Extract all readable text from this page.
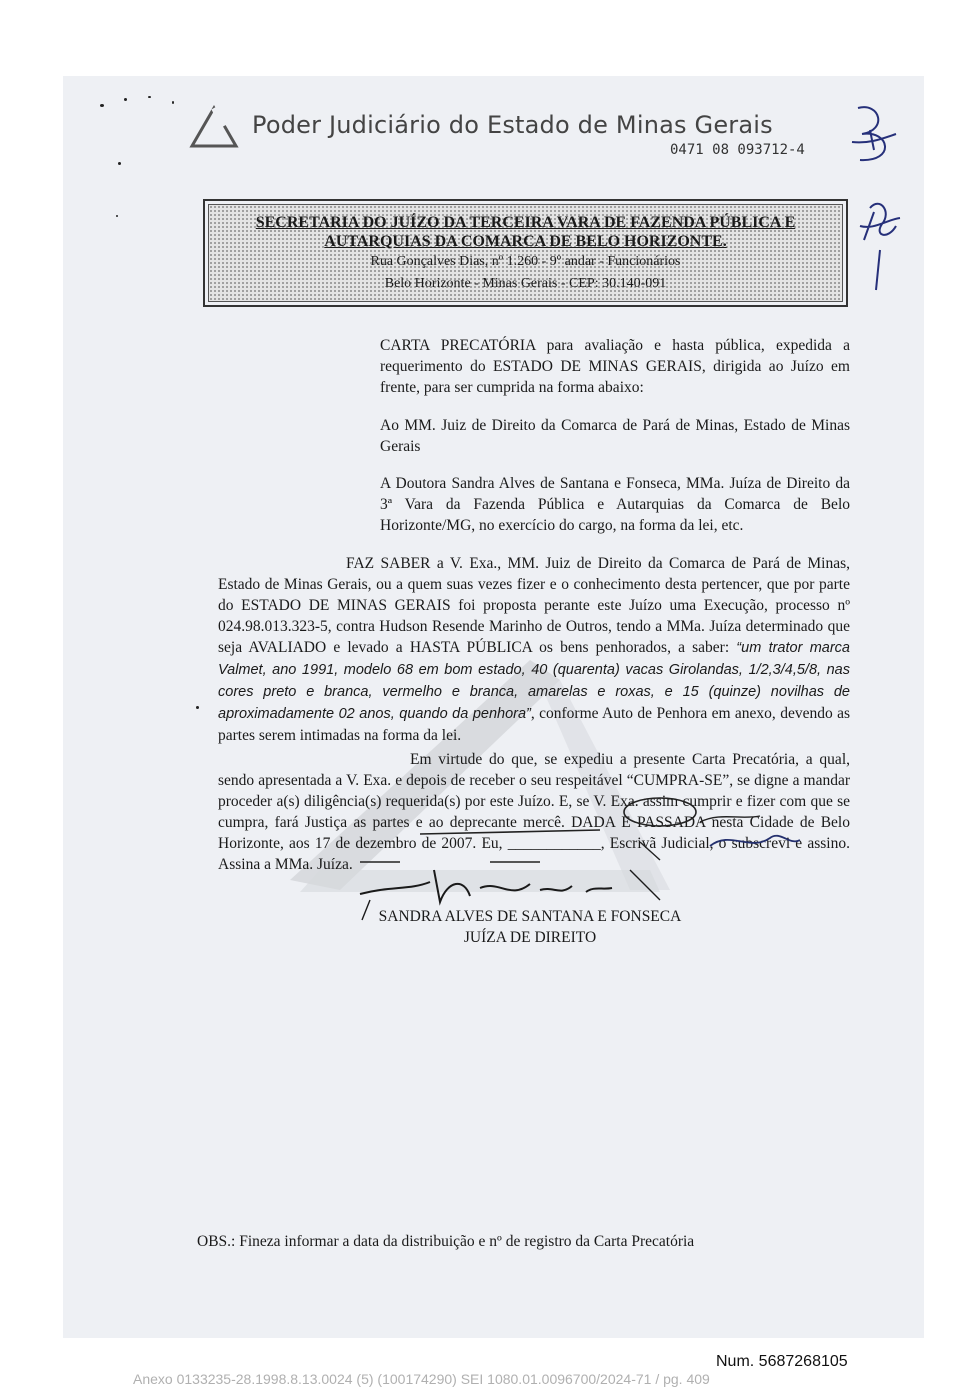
Poder Judiciário do Estado de Minas Gerais
0471 08 093712-4
SECRETARIA DO JUÍZO DA TERCEIRA VARA DE FAZENDA PÚBLICA E
AUTARQUIAS DA COMARCA DE BELO HORIZONTE.
Rua Gonçalves Dias, nº 1.260 - 9º andar - Funcionários
Belo Horizonte - Minas Gerais - CEP: 30.140-091

CARTA PRECATÓRIA para avaliação e hasta pública, expedida a requerimento do ESTADO DE MINAS GERAIS, dirigida ao Juízo em frente, para ser cumprida na forma abaixo:

Ao MM. Juiz de Direito da Comarca de Pará de Minas, Estado de Minas Gerais

A Doutora Sandra Alves de Santana e Fonseca, MMa. Juíza de Direito da 3ª Vara da Fazenda Pública e Autarquias da Comarca de Belo Horizonte/MG, no exercício do cargo, na forma da lei, etc.

FAZ SABER a V. Exa., MM. Juiz de Direito da Comarca de Pará de Minas, Estado de Minas Gerais, ou a quem suas vezes fizer e o conhecimento desta pertencer, que por parte do ESTADO DE MINAS GERAIS foi proposta perante este Juízo uma Execução, processo nº 024.98.013.323-5, contra Hudson Resende Marinho de Outros, tendo a MMa. Juíza determinado que seja AVALIADO e levado a HASTA PÚBLICA os bens penhorados, a saber: “um trator marca Valmet, ano 1991, modelo 68 em bom estado, 40 (quarenta) vacas Girolandas, 1/2,3/4,5/8, nas cores preto e branca, vermelho e branca, amarelas e roxas, e 15 (quinze) novilhas de aproximadamente 02 anos, quando da penhora”, conforme Auto de Penhora em anexo, devendo as partes serem intimadas na forma da lei.

Em virtude do que, se expediu a presente Carta Precatória, a qual, sendo apresentada a V. Exa. e depois de receber o seu respeitável “CUMPRA-SE”, se digne a mandar proceder a(s) diligência(s) requerida(s) por este Juízo. E, se V. Exa. assim cumprir e fizer com que se cumpra, fará Justiça as partes e ao deprecante mercê. DADA E PASSADA nesta Cidade de Belo Horizonte, aos 17 de dezembro de 2007. Eu, ____________, Escrivã Judicial, o subscrevi e assino. Assina a MMa. Juíza.

SANDRA ALVES DE SANTANA E FONSECA
JUÍZA DE DIREITO
OBS.: Fineza informar a data da distribuição e nº de registro da Carta Precatória
Num. 5687268105
Anexo 0133235-28.1998.8.13.0024 (5) (100174290) SEI 1080.01.0096700/2024-71 / pg. 409
